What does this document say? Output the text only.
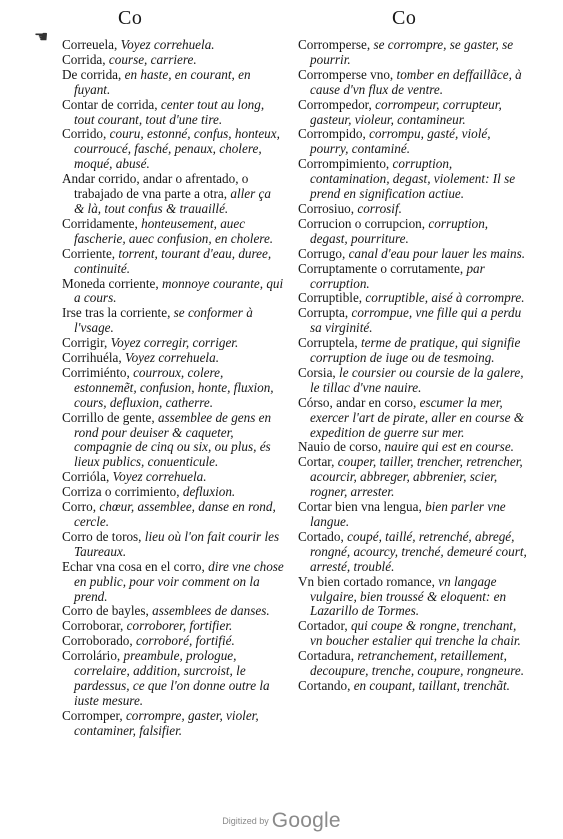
☚
Co	Co

Correuela, Voyez correhuela.

Corrida, course, carriere.

De corrida, en haste, en courant, en fuyant.

Contar de corrida, center tout au long, tout courant, tout d'une tire.

Corrido, couru, estonné, confus, honteux, courroucé, fasché, penaux, cholere, moqué, abusé.

Andar corrido, andar o afrentado, o trabajado de vna parte a otra, aller ça & là, tout confus & trauaillé.

Corridamente, honteusement, auec fascherie, auec confusion, en cholere.

Corriente, torrent, tourant d'eau, duree, continuité.

Moneda corriente, monnoye courante, qui a cours.

Irse tras la corriente, se conformer à l'vsage.

Corrigir, Voyez corregir, corriger.

Corrihuéla, Voyez correhuela.

Corrimiénto, courroux, colere, estonnemẽt, confusion, honte, fluxion, cours, defluxion, catherre.

Corrillo de gente, assemblee de gens en rond pour deuiser & caqueter, compagnie de cinq ou six, ou plus, és lieux publics, conuenticule.

Corrióla, Voyez correhuela.

Corriza o corrimiento, defluxion.

Corro, chœur, assemblee, danse en rond, cercle.

Corro de toros, lieu où l'on fait courir les Taureaux.

Echar vna cosa en el corro, dire vne chose en public, pour voir comment on la prend.

Corro de bayles, assemblees de danses.

Corroborar, corroborer, fortifier.

Corroborado, corroboré, fortifié.

Corrolário, preambule, prologue, correlaire, addition, surcroist, le pardessus, ce que l'on donne outre la iuste mesure.

Corromper, corrompre, gaster, violer, contaminer, falsifier.

Corromperse, se corrompre, se gaster, se pourrir.

Corromperse vno, tomber en deffaillãce, à cause d'vn flux de ventre.

Corrompedor, corrompeur, corrupteur, gasteur, violeur, contamineur.

Corrompido, corrompu, gasté, violé, pourry, contaminé.

Corrompimiento, corruption, contamination, degast, violement: Il se prend en signification actiue.

Corrosiuo, corrosif.

Corrucion o corrupcion, corruption, degast, pourriture.

Corrugo, canal d'eau pour lauer les mains.

Corruptamente o corrutamente, par corruption.

Corruptible, corruptible, aisé à corrompre.

Corrupta, corrompue, vne fille qui a perdu sa virginité.

Corruptela, terme de pratique, qui signifie corruption de iuge ou de tesmoing.

Corsia, le coursier ou coursie de la galere, le tillac d'vne nauire.

Córso, andar en corso, escumer la mer, exercer l'art de pirate, aller en course & expedition de guerre sur mer.

Nauio de corso, nauire qui est en course.

Cortar, couper, tailler, trencher, retrencher, acourcir, abbreger, abbrenier, scier, rogner, arrester.

Cortar bien vna lengua, bien parler vne langue.

Cortado, coupé, taillé, retrenché, abregé, rongné, acourcy, trenché, demeuré court, arresté, troublé.

Vn bien cortado romance, vn langage vulgaire, bien troussé & eloquent: en Lazarillo de Tormes.

Cortador, qui coupe & rongne, trenchant, vn boucher estalier qui trenche la chair.

Cortadura, retranchement, retaillement, decoupure, trenche, coupure, rongneure.

Cortando, en coupant, taillant, trenchãt.

Digitized by Google
